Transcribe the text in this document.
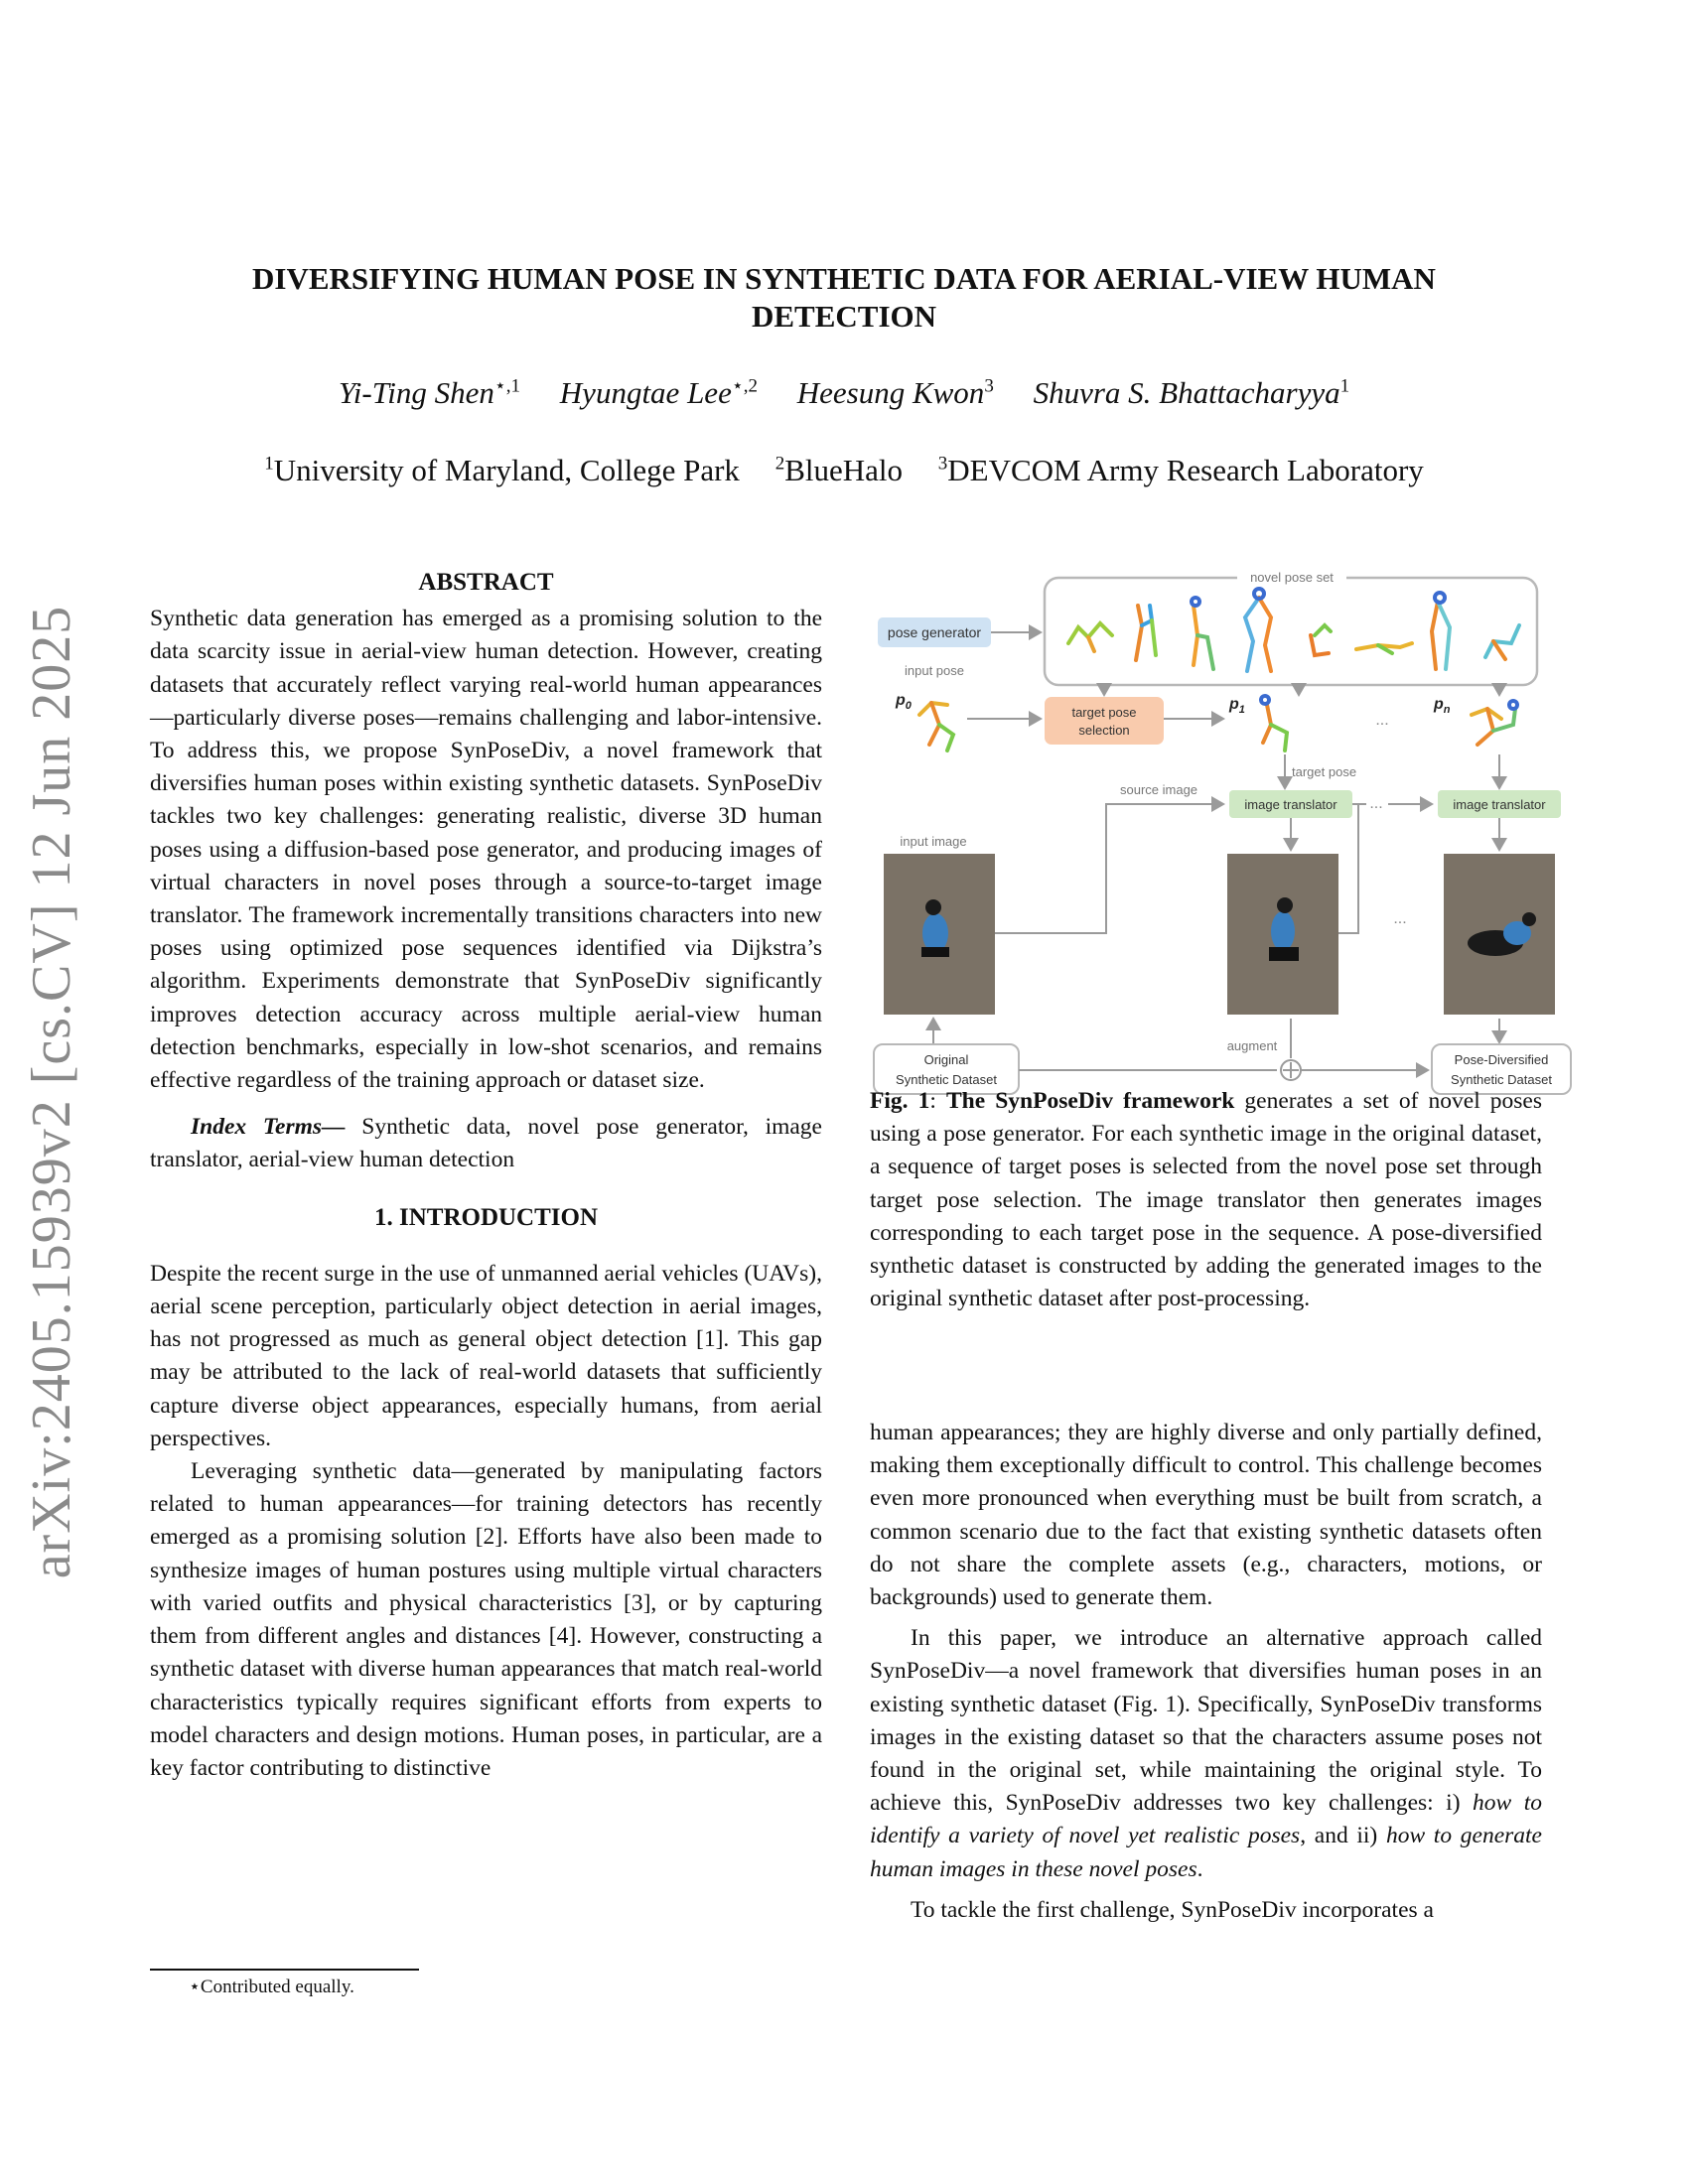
arXiv:2405.15939v2 [cs.CV] 12 Jun 2025
DIVERSIFYING HUMAN POSE IN SYNTHETIC DATA FOR AERIAL-VIEW HUMAN
DETECTION
Yi-Ting Shen$^{⋆,1}$ Hyungtae Lee$^{⋆,2}$ Heesung Kwon$^3$ Shuvra S. Bhattacharyya$^1$
$^1$University of Maryland, College Park $^2$BlueHalo $^3$DEVCOM Army Research Laboratory

ABSTRACT

Synthetic data generation has emerged as a promising solution to the data scarcity issue in aerial-view human detection. However, creating datasets that accurately reflect varying real-world human appearances—particularly diverse poses—remains challenging and labor-intensive. To address this, we propose SynPoseDiv, a novel framework that diversifies human poses within existing synthetic datasets. SynPoseDiv tackles two key challenges: generating realistic, diverse 3D human poses using a diffusion-based pose generator, and producing images of virtual characters in novel poses through a source-to-target image translator. The framework incrementally transitions characters into new poses using optimized pose sequences identified via Dijkstra’s algorithm. Experiments demonstrate that SynPoseDiv significantly improves detection accuracy across multiple aerial-view human detection benchmarks, especially in low-shot scenarios, and remains effective regardless of the training approach or dataset size.

Index Terms— Synthetic data, novel pose generator, image translator, aerial-view human detection

1. INTRODUCTION

Despite the recent surge in the use of unmanned aerial vehicles (UAVs), aerial scene perception, particularly object detection in aerial images, has not progressed as much as general object detection [1]. This gap may be attributed to the lack of real-world datasets that sufficiently capture diverse object appearances, especially humans, from aerial perspectives.

Leveraging synthetic data—generated by manipulating factors related to human appearances—for training detectors has recently emerged as a promising solution [2]. Efforts have also been made to synthesize images of human postures using multiple virtual characters with varied outfits and physical characteristics [3], or by capturing them from different angles and distances [4]. However, constructing a synthetic dataset with diverse human appearances that match real-world characteristics typically requires significant efforts from experts to model characters and design motions. Human poses, in particular, are a key factor contributing to distinctive

⋆Contributed equally.
novel pose set
pose generator
input pose
$p_0$	target pose
selection
$p_1$
...
$p_n$
target pose
image translator	image translator
...
source image
input image
...
Original
Synthetic Dataset
augment
Pose-Diversified
Synthetic Dataset
Fig. 1: The SynPoseDiv framework generates a set of novel poses using a pose generator. For each synthetic image in the original dataset, a sequence of target poses is selected from the novel pose set through target pose selection. The image translator then generates images corresponding to each target pose in the sequence. A pose-diversified synthetic dataset is constructed by adding the generated images to the original synthetic dataset after post-processing.

human appearances; they are highly diverse and only partially defined, making them exceptionally difficult to control. This challenge becomes even more pronounced when everything must be built from scratch, a common scenario due to the fact that existing synthetic datasets often do not share the complete assets (e.g., characters, motions, or backgrounds) used to generate them.

In this paper, we introduce an alternative approach called SynPoseDiv—a novel framework that diversifies human poses in an existing synthetic dataset (Fig. 1). Specifically, SynPoseDiv transforms images in the existing dataset so that the characters assume poses not found in the original set, while maintaining the original style. To achieve this, SynPoseDiv addresses two key challenges: i) how to identify a variety of novel yet realistic poses, and ii) how to generate human images in these novel poses.

To tackle the first challenge, SynPoseDiv incorporates a
